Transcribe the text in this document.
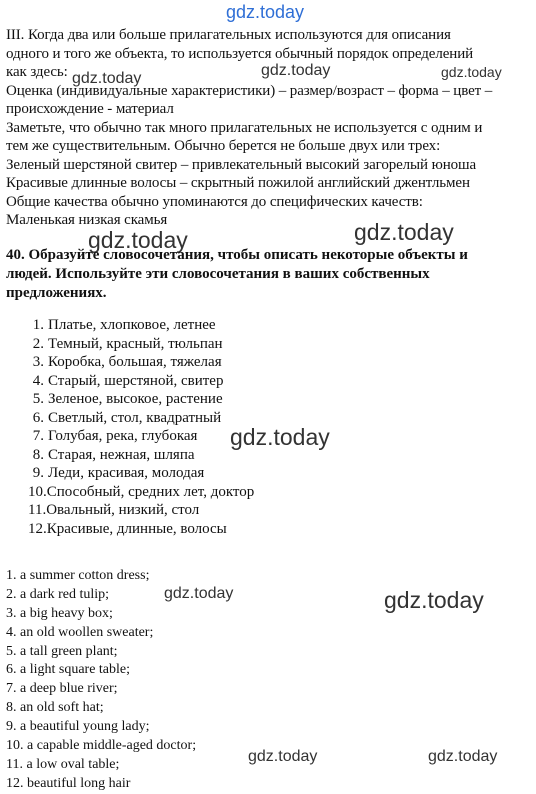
gdz.today
gdz.today	gdz.today	gdz.today
gdz.today	gdz.today
gdz.today
gdz.today	gdz.today
gdz.today	gdz.today
III. Когда два или больше прилагательных используются для описания
одного и того же объекта, то используется обычный порядок определений
как здесь:
Оценка (индивидуальные характеристики) – размер/возраст – форма – цвет –
происхождение - материал
Заметьте, что обычно так много прилагательных не используется с одним и
тем же существительным. Обычно берется не больше двух или трех:
Зеленый шерстяной свитер – привлекательный высокий загорелый юноша
Красивые длинные волосы – скрытный пожилой английский джентльмен
Общие качества обычно упоминаются до специфических качеств:
Маленькая низкая скамья
40. Образуйте словосочетания, чтобы описать некоторые объекты и
людей. Используйте эти словосочетания в ваших собственных
предложениях.
1. Платье, хлопковое, летнее
2. Темный, красный, тюльпан
3. Коробка, большая, тяжелая
4. Старый, шерстяной, свитер
5. Зеленое, высокое, растение
6. Светлый, стол, квадратный
7. Голубая, река, глубокая
8. Старая, нежная, шляпа
9. Леди, красивая, молодая
10.Способный, средних лет, доктор
11.Овальный, низкий, стол
12.Красивые, длинные, волосы
1. a summer cotton dress;
2. a dark red tulip;
3. a big heavy box;
4. an old woollen sweater;
5. a tall green plant;
6. a light square table;
7. a deep blue river;
8. an old soft hat;
9. a beautiful young lady;
10. a capable middle-aged doctor;
11. a low oval table;
12. beautiful long hair
